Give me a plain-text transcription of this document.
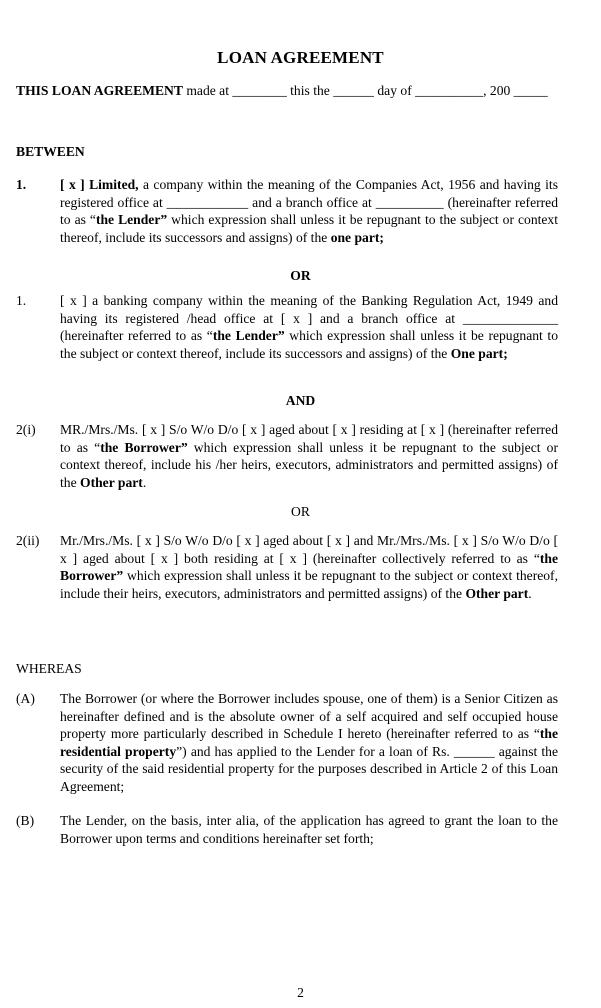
LOAN AGREEMENT
THIS LOAN AGREEMENT made at ________ this the ______ day of __________, 200 _____
BETWEEN
1. [ x ] Limited, a company within the meaning of the Companies Act, 1956 and having its registered office at ____________ and a branch office at __________ (hereinafter referred to as “the Lender” which expression shall unless it be repugnant to the subject or context thereof, include its successors and assigns) of the one part;
OR
1. [ x ] a banking company within the meaning of the Banking Regulation Act, 1949 and having its registered /head office at [ x ] and a branch office at ______________ (hereinafter referred to as “the Lender” which expression shall unless it be repugnant to the subject or context thereof, include its successors and assigns) of the One part;
AND
2(i) MR./Mrs./Ms. [ x ] S/o W/o D/o [ x ] aged about [ x ] residing at [ x ] (hereinafter referred to as “the Borrower” which expression shall unless it be repugnant to the subject or context thereof, include his /her heirs, executors, administrators and permitted assigns) of the Other part.
OR
2(ii) Mr./Mrs./Ms. [ x ] S/o W/o D/o [ x ] aged about [ x ] and Mr./Mrs./Ms. [ x ] S/o W/o D/o [ x ] aged about [ x ] both residing at [ x ] (hereinafter collectively referred to as “the Borrower” which expression shall unless it be repugnant to the subject or context thereof, include their heirs, executors, administrators and permitted assigns) of the Other part.
WHEREAS
(A) The Borrower (or where the Borrower includes spouse, one of them) is a Senior Citizen as hereinafter defined and is the absolute owner of a self acquired and self occupied house property more particularly described in Schedule I hereto (hereinafter referred to as “the residential property”) and has applied to the Lender for a loan of Rs. ______ against the security of the said residential property for the purposes described in Article 2 of this Loan Agreement;
(B) The Lender, on the basis, inter alia, of the application has agreed to grant the loan to the Borrower upon terms and conditions hereinafter set forth;
2
